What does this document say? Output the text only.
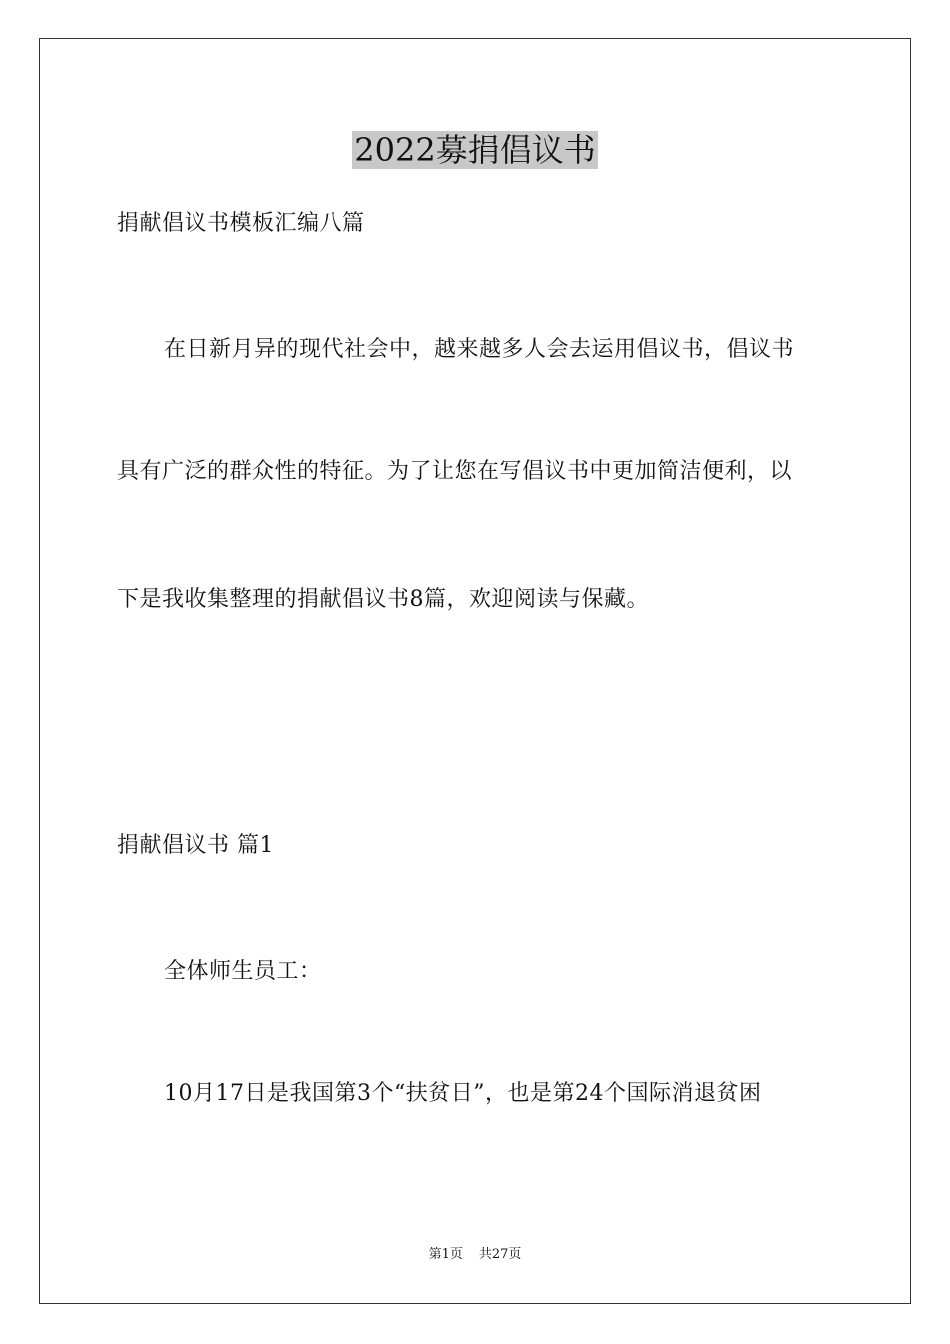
2022募捐倡议书
捐献倡议书模板汇编八篇
在日新月异的现代社会中，越来越多人会去运用倡议书，倡议书
具有广泛的群众性的特征。为了让您在写倡议书中更加简洁便利，以
下是我收集整理的捐献倡议书8篇，欢迎阅读与保藏。
捐献倡议书 篇1
全体师生员工：
10月17日是我国第3个“扶贫日”，也是第24个国际消退贫困
第1页 共27页
